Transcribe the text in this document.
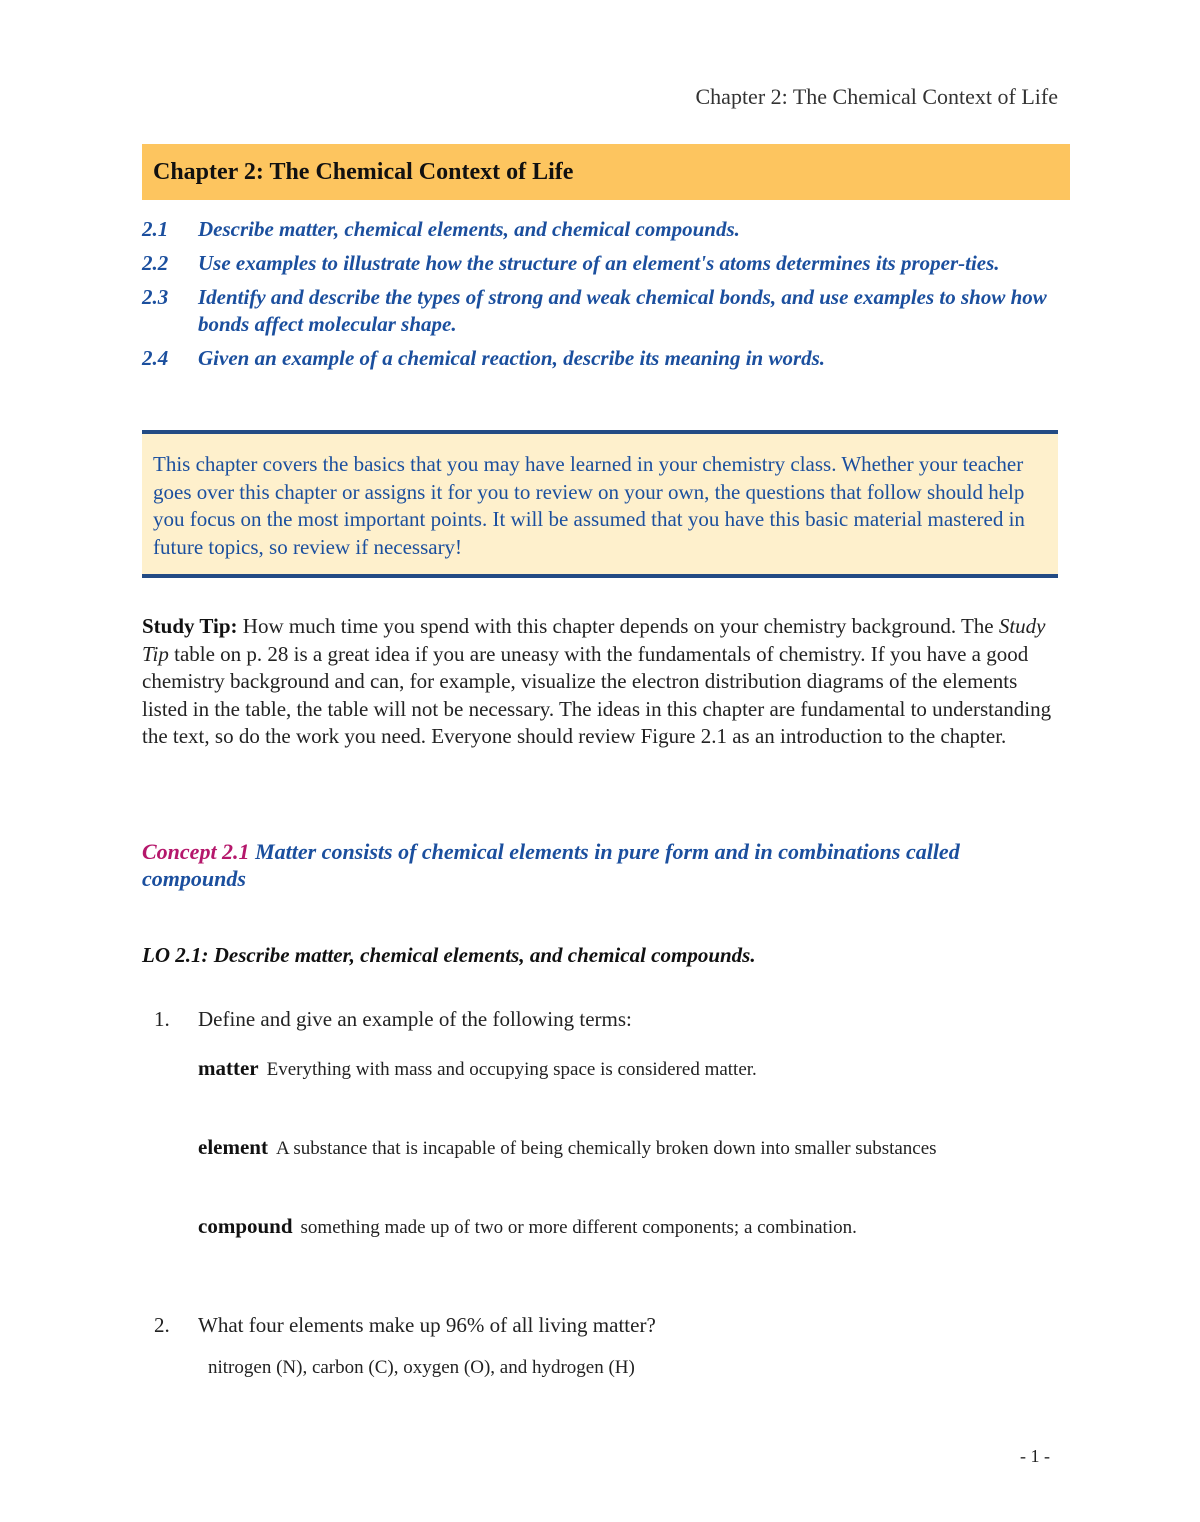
Chapter 2: The Chemical Context of Life
Chapter 2: The Chemical Context of Life
2.1	Describe matter, chemical elements, and chemical compounds.
2.2	Use examples to illustrate how the structure of an element's atoms determines its proper-ties.
2.3	Identify and describe the types of strong and weak chemical bonds, and use examples to show how bonds affect molecular shape.
2.4	Given an example of a chemical reaction, describe its meaning in words.

This chapter covers the basics that you may have learned in your chemistry class. Whether your teacher goes over this chapter or assigns it for you to review on your own, the questions that follow should help you focus on the most important points. It will be assumed that you have this basic material mastered in future topics, so review if necessary!

Study Tip: How much time you spend with this chapter depends on your chemistry background. The Study Tip table on p. 28 is a great idea if you are uneasy with the fundamentals of chemistry. If you have a good chemistry background and can, for example, visualize the electron distribution diagrams of the elements listed in the table, the table will not be necessary. The ideas in this chapter are fundamental to understanding the text, so do the work you need. Everyone should review Figure 2.1 as an introduction to the chapter.

Concept 2.1 Matter consists of chemical elements in pure form and in combinations called compounds
LO 2.1: Describe matter, chemical elements, and chemical compounds.
1. Define and give an example of the following terms:
matter Everything with mass and occupying space is considered matter.
element A substance that is incapable of being chemically broken down into smaller substances
compound something made up of two or more different components; a combination.
2. What four elements make up 96% of all living matter?
nitrogen (N), carbon (C), oxygen (O), and hydrogen (H)
- 1 -
